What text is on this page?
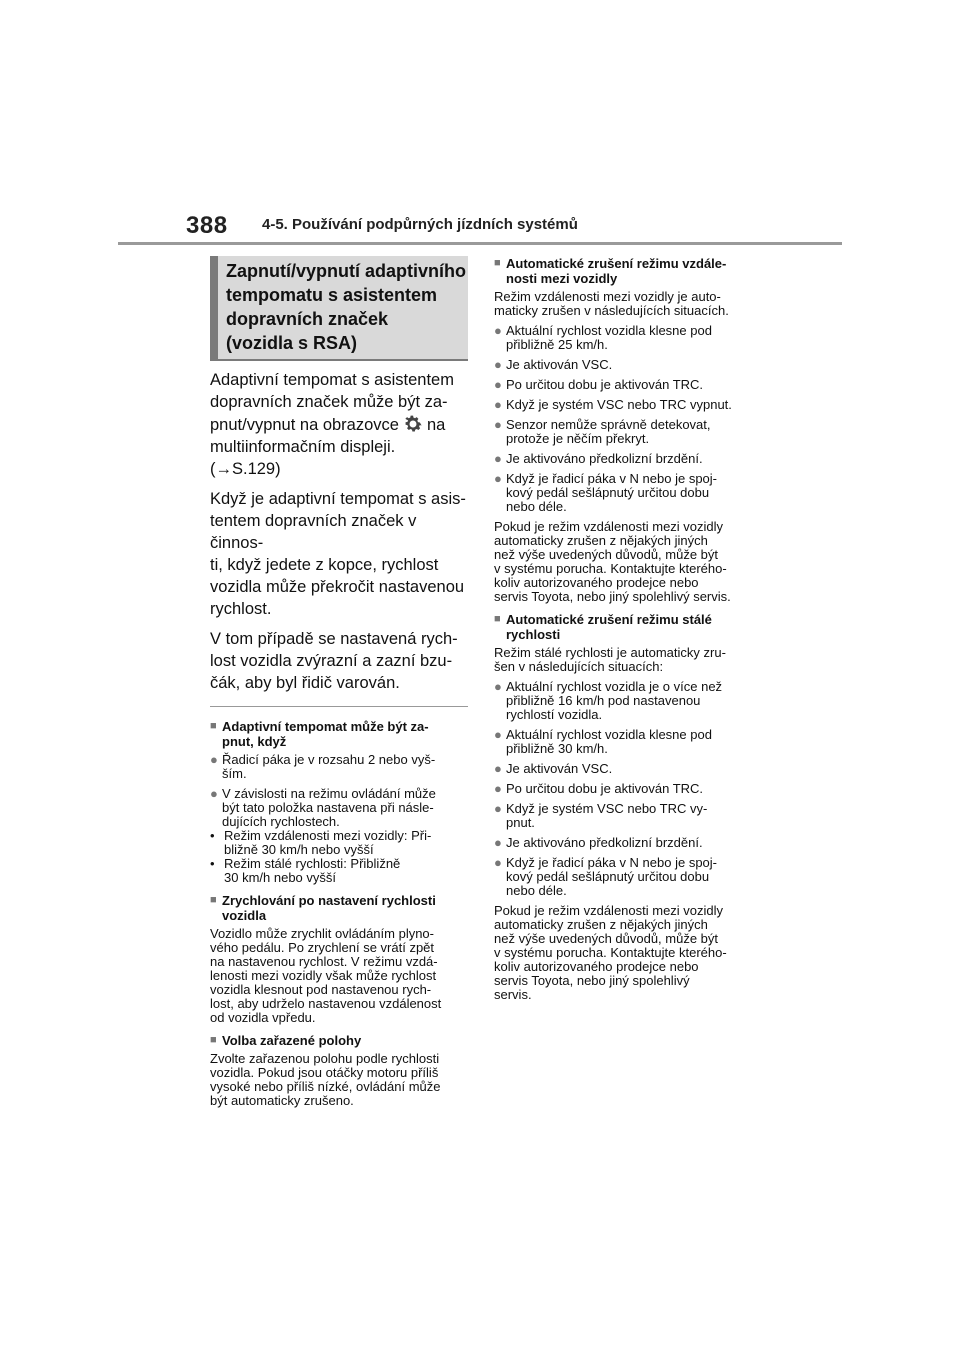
388 4-5. Používání podpůrných jízdních systémů
Zapnutí/vypnutí adaptivního
tempomatu s asistentem
dopravních značek
(vozidla s RSA)

Adaptivní tempomat s asistentem
dopravních značek může být za-
pnut/vypnut na obrazovce na
multiinformačním displeji. (→S.129)

Když je adaptivní tempomat s asis-
tentem dopravních značek v činnos-
ti, když jedete z kopce, rychlost
vozidla může překročit nastavenou
rychlost.

V tom případě se nastavená rych-
lost vozidla zvýrazní a zazní bzu-
čák, aby byl řidič varován.

■ Adaptivní tempomat může být za-
pnut, když
● Řadicí páka je v rozsahu 2 nebo vyš-
ším.
● V závislosti na režimu ovládání může
být tato položka nastavena při násle-
dujících rychlostech.
• Režim vzdálenosti mezi vozidly: Při-
bližně 30 km/h nebo vyšší
• Režim stálé rychlosti: Přibližně
30 km/h nebo vyšší
■ Zrychlování po nastavení rychlosti
vozidla
Vozidlo může zrychlit ovládáním plyno-
vého pedálu. Po zrychlení se vrátí zpět
na nastavenou rychlost. V režimu vzdá-
lenosti mezi vozidly však může rychlost
vozidla klesnout pod nastavenou rych-
lost, aby udrželo nastavenou vzdálenost
od vozidla vpředu.
■ Volba zařazené polohy
Zvolte zařazenou polohu podle rychlosti
vozidla. Pokud jsou otáčky motoru příliš
vysoké nebo příliš nízké, ovládání může
být automaticky zrušeno.
■ Automatické zrušení režimu vzdále-
nosti mezi vozidly
Režim vzdálenosti mezi vozidly je auto-
maticky zrušen v následujících situacích.
● Aktuální rychlost vozidla klesne pod
přibližně 25 km/h.
● Je aktivován VSC.
● Po určitou dobu je aktivován TRC.
● Když je systém VSC nebo TRC vypnut.
● Senzor nemůže správně detekovat,
protože je něčím překryt.
● Je aktivováno předkolizní brzdění.
● Když je řadicí páka v N nebo je spoj-
kový pedál sešlápnutý určitou dobu
nebo déle.
Pokud je režim vzdálenosti mezi vozidly
automaticky zrušen z nějakých jiných
než výše uvedených důvodů, může být
v systému porucha. Kontaktujte kterého-
koliv autorizovaného prodejce nebo
servis Toyota, nebo jiný spolehlivý servis.
■ Automatické zrušení režimu stálé
rychlosti
Režim stálé rychlosti je automaticky zru-
šen v následujících situacích:
● Aktuální rychlost vozidla je o více než
přibližně 16 km/h pod nastavenou
rychlostí vozidla.
● Aktuální rychlost vozidla klesne pod
přibližně 30 km/h.
● Je aktivován VSC.
● Po určitou dobu je aktivován TRC.
● Když je systém VSC nebo TRC vy-
pnut.
● Je aktivováno předkolizní brzdění.
● Když je řadicí páka v N nebo je spoj-
kový pedál sešlápnutý určitou dobu
nebo déle.
Pokud je režim vzdálenosti mezi vozidly
automaticky zrušen z nějakých jiných
než výše uvedených důvodů, může být
v systému porucha. Kontaktujte kterého-
koliv autorizovaného prodejce nebo
servis Toyota, nebo jiný spolehlivý
servis.
